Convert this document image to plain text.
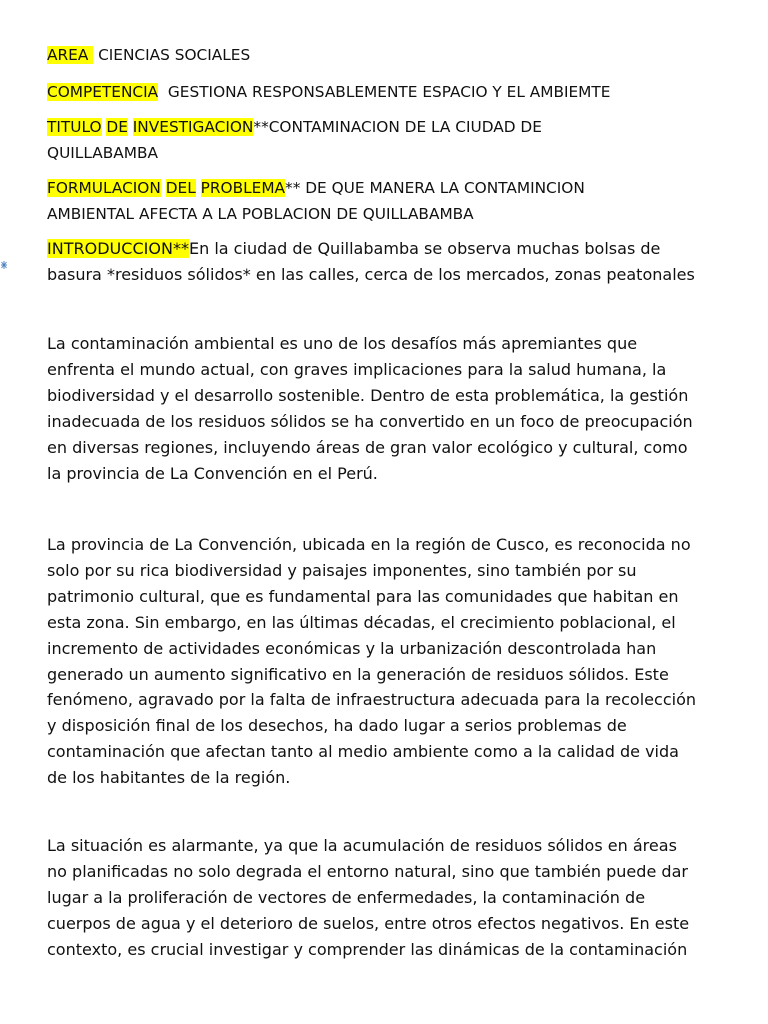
AREA CIENCIAS SOCIALES
COMPETENCIA GESTIONA RESPONSABLEMENTE ESPACIO Y EL AMBIEMTE
TITULO DE INVESTIGACION**CONTAMINACION DE LA CIUDAD DE
QUILLABAMBA
FORMULACION DEL PROBLEMA** DE QUE MANERA LA CONTAMINCION
AMBIENTAL AFECTA A LA POBLACION DE QUILLABAMBA
INTRODUCCION**En la ciudad de Quillabamba se observa muchas bolsas de
basura *residuos sólidos* en las calles, cerca de los mercados, zonas peatonales
La contaminación ambiental es uno de los desafíos más apremiantes que
enfrenta el mundo actual, con graves implicaciones para la salud humana, la
biodiversidad y el desarrollo sostenible. Dentro de esta problemática, la gestión
inadecuada de los residuos sólidos se ha convertido en un foco de preocupación
en diversas regiones, incluyendo áreas de gran valor ecológico y cultural, como
la provincia de La Convención en el Perú.
La provincia de La Convención, ubicada en la región de Cusco, es reconocida no
solo por su rica biodiversidad y paisajes imponentes, sino también por su
patrimonio cultural, que es fundamental para las comunidades que habitan en
esta zona. Sin embargo, en las últimas décadas, el crecimiento poblacional, el
incremento de actividades económicas y la urbanización descontrolada han
generado un aumento significativo en la generación de residuos sólidos. Este
fenómeno, agravado por la falta de infraestructura adecuada para la recolección
y disposición final de los desechos, ha dado lugar a serios problemas de
contaminación que afectan tanto al medio ambiente como a la calidad de vida
de los habitantes de la región.
La situación es alarmante, ya que la acumulación de residuos sólidos en áreas
no planificadas no solo degrada el entorno natural, sino que también puede dar
lugar a la proliferación de vectores de enfermedades, la contaminación de
cuerpos de agua y el deterioro de suelos, entre otros efectos negativos. En este
contexto, es crucial investigar y comprender las dinámicas de la contaminación
